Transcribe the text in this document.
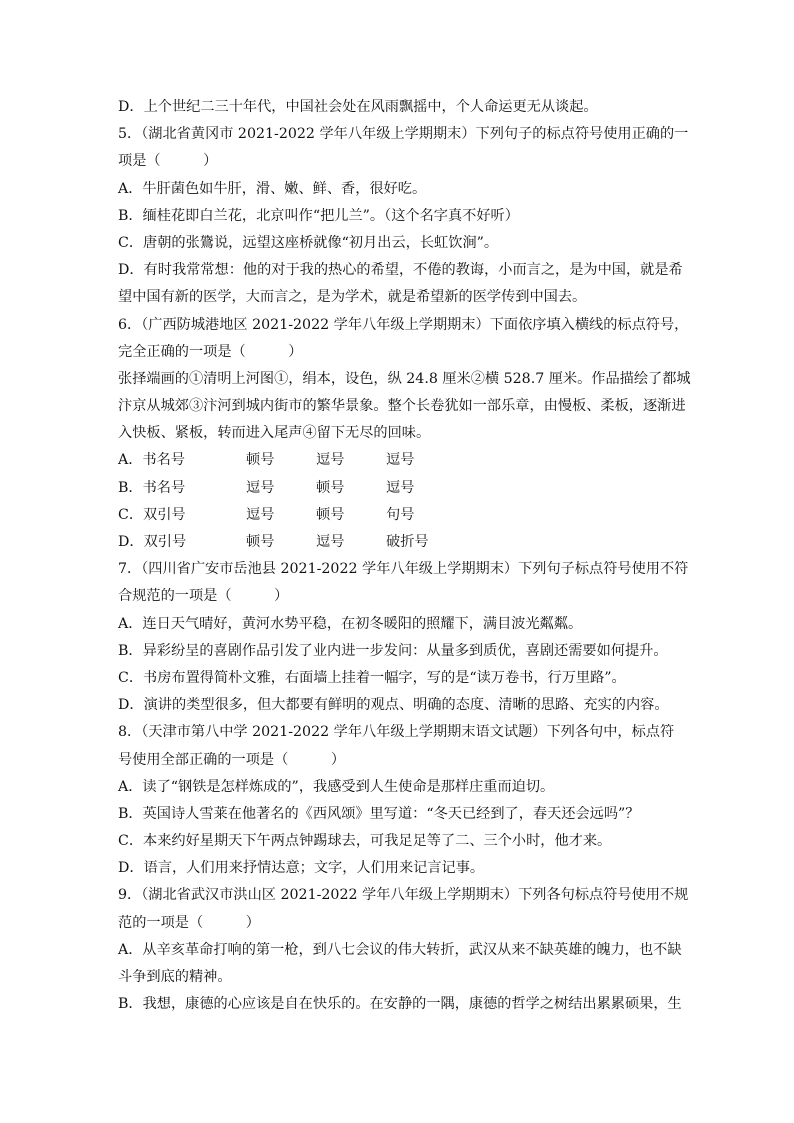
D．上个世纪二三十年代，中国社会处在风雨飘摇中，个人命运更无从谈起。
5．（湖北省黄冈市 2021-2022 学年八年级上学期期末）下列句子的标点符号使用正确的一
项是（　　　）
A．牛肝菌色如牛肝，滑、嫩、鲜、香，很好吃。
B．缅桂花即白兰花，北京叫作“把儿兰”。（这个名字真不好听）
C．唐朝的张鷟说，远望这座桥就像“初月出云，长虹饮涧”。
D．有时我常常想：他的对于我的热心的希望，不倦的教诲，小而言之，是为中国，就是希
望中国有新的医学，大而言之，是为学术，就是希望新的医学传到中国去。
6．（广西防城港地区 2021-2022 学年八年级上学期期末）下面依序填入横线的标点符号，
完全正确的一项是（　　　）
张择端画的①清明上河图①，绢本，设色，纵 24.8 厘米②横 528.7 厘米。作品描绘了都城
汴京从城郊③汴河到城内街市的繁华景象。整个长卷犹如一部乐章，由慢板、柔板，逐渐进
入快板、紧板，转而进入尾声④留下无尽的回味。
A．书名号	顿号	逗号	逗号
B．书名号	逗号	顿号	逗号
C．双引号	逗号	顿号	句号
D．双引号	顿号	逗号	破折号
7．（四川省广安市岳池县 2021-2022 学年八年级上学期期末）下列句子标点符号使用不符
合规范的一项是（　　　）
A．连日天气晴好，黄河水势平稳，在初冬暖阳的照耀下，满目波光粼粼。
B．异彩纷呈的喜剧作品引发了业内进一步发问：从量多到质优，喜剧还需要如何提升。
C．书房布置得简朴文雅，右面墙上挂着一幅字，写的是“读万卷书，行万里路”。
D．演讲的类型很多，但大都要有鲜明的观点、明确的态度、清晰的思路、充实的内容。
8．（天津市第八中学 2021-2022 学年八年级上学期期末语文试题）下列各句中，标点符
号使用全部正确的一项是（　　　）
A．读了“钢铁是怎样炼成的”，我感受到人生使命是那样庄重而迫切。
B．英国诗人雪莱在他著名的《西风颂》里写道：“冬天已经到了，春天还会远吗”？
C．本来约好星期天下午两点钟踢球去，可我足足等了二、三个小时，他才来。
D．语言，人们用来抒情达意；文字，人们用来记言记事。
9．（湖北省武汉市洪山区 2021-2022 学年八年级上学期期末）下列各句标点符号使用不规
范的一项是（　　　）
A．从辛亥革命打响的第一枪，到八七会议的伟大转折，武汉从来不缺英雄的魄力，也不缺
斗争到底的精神。
B．我想，康德的心应该是自在快乐的。在安静的一隅，康德的哲学之树结出累累硕果，生
